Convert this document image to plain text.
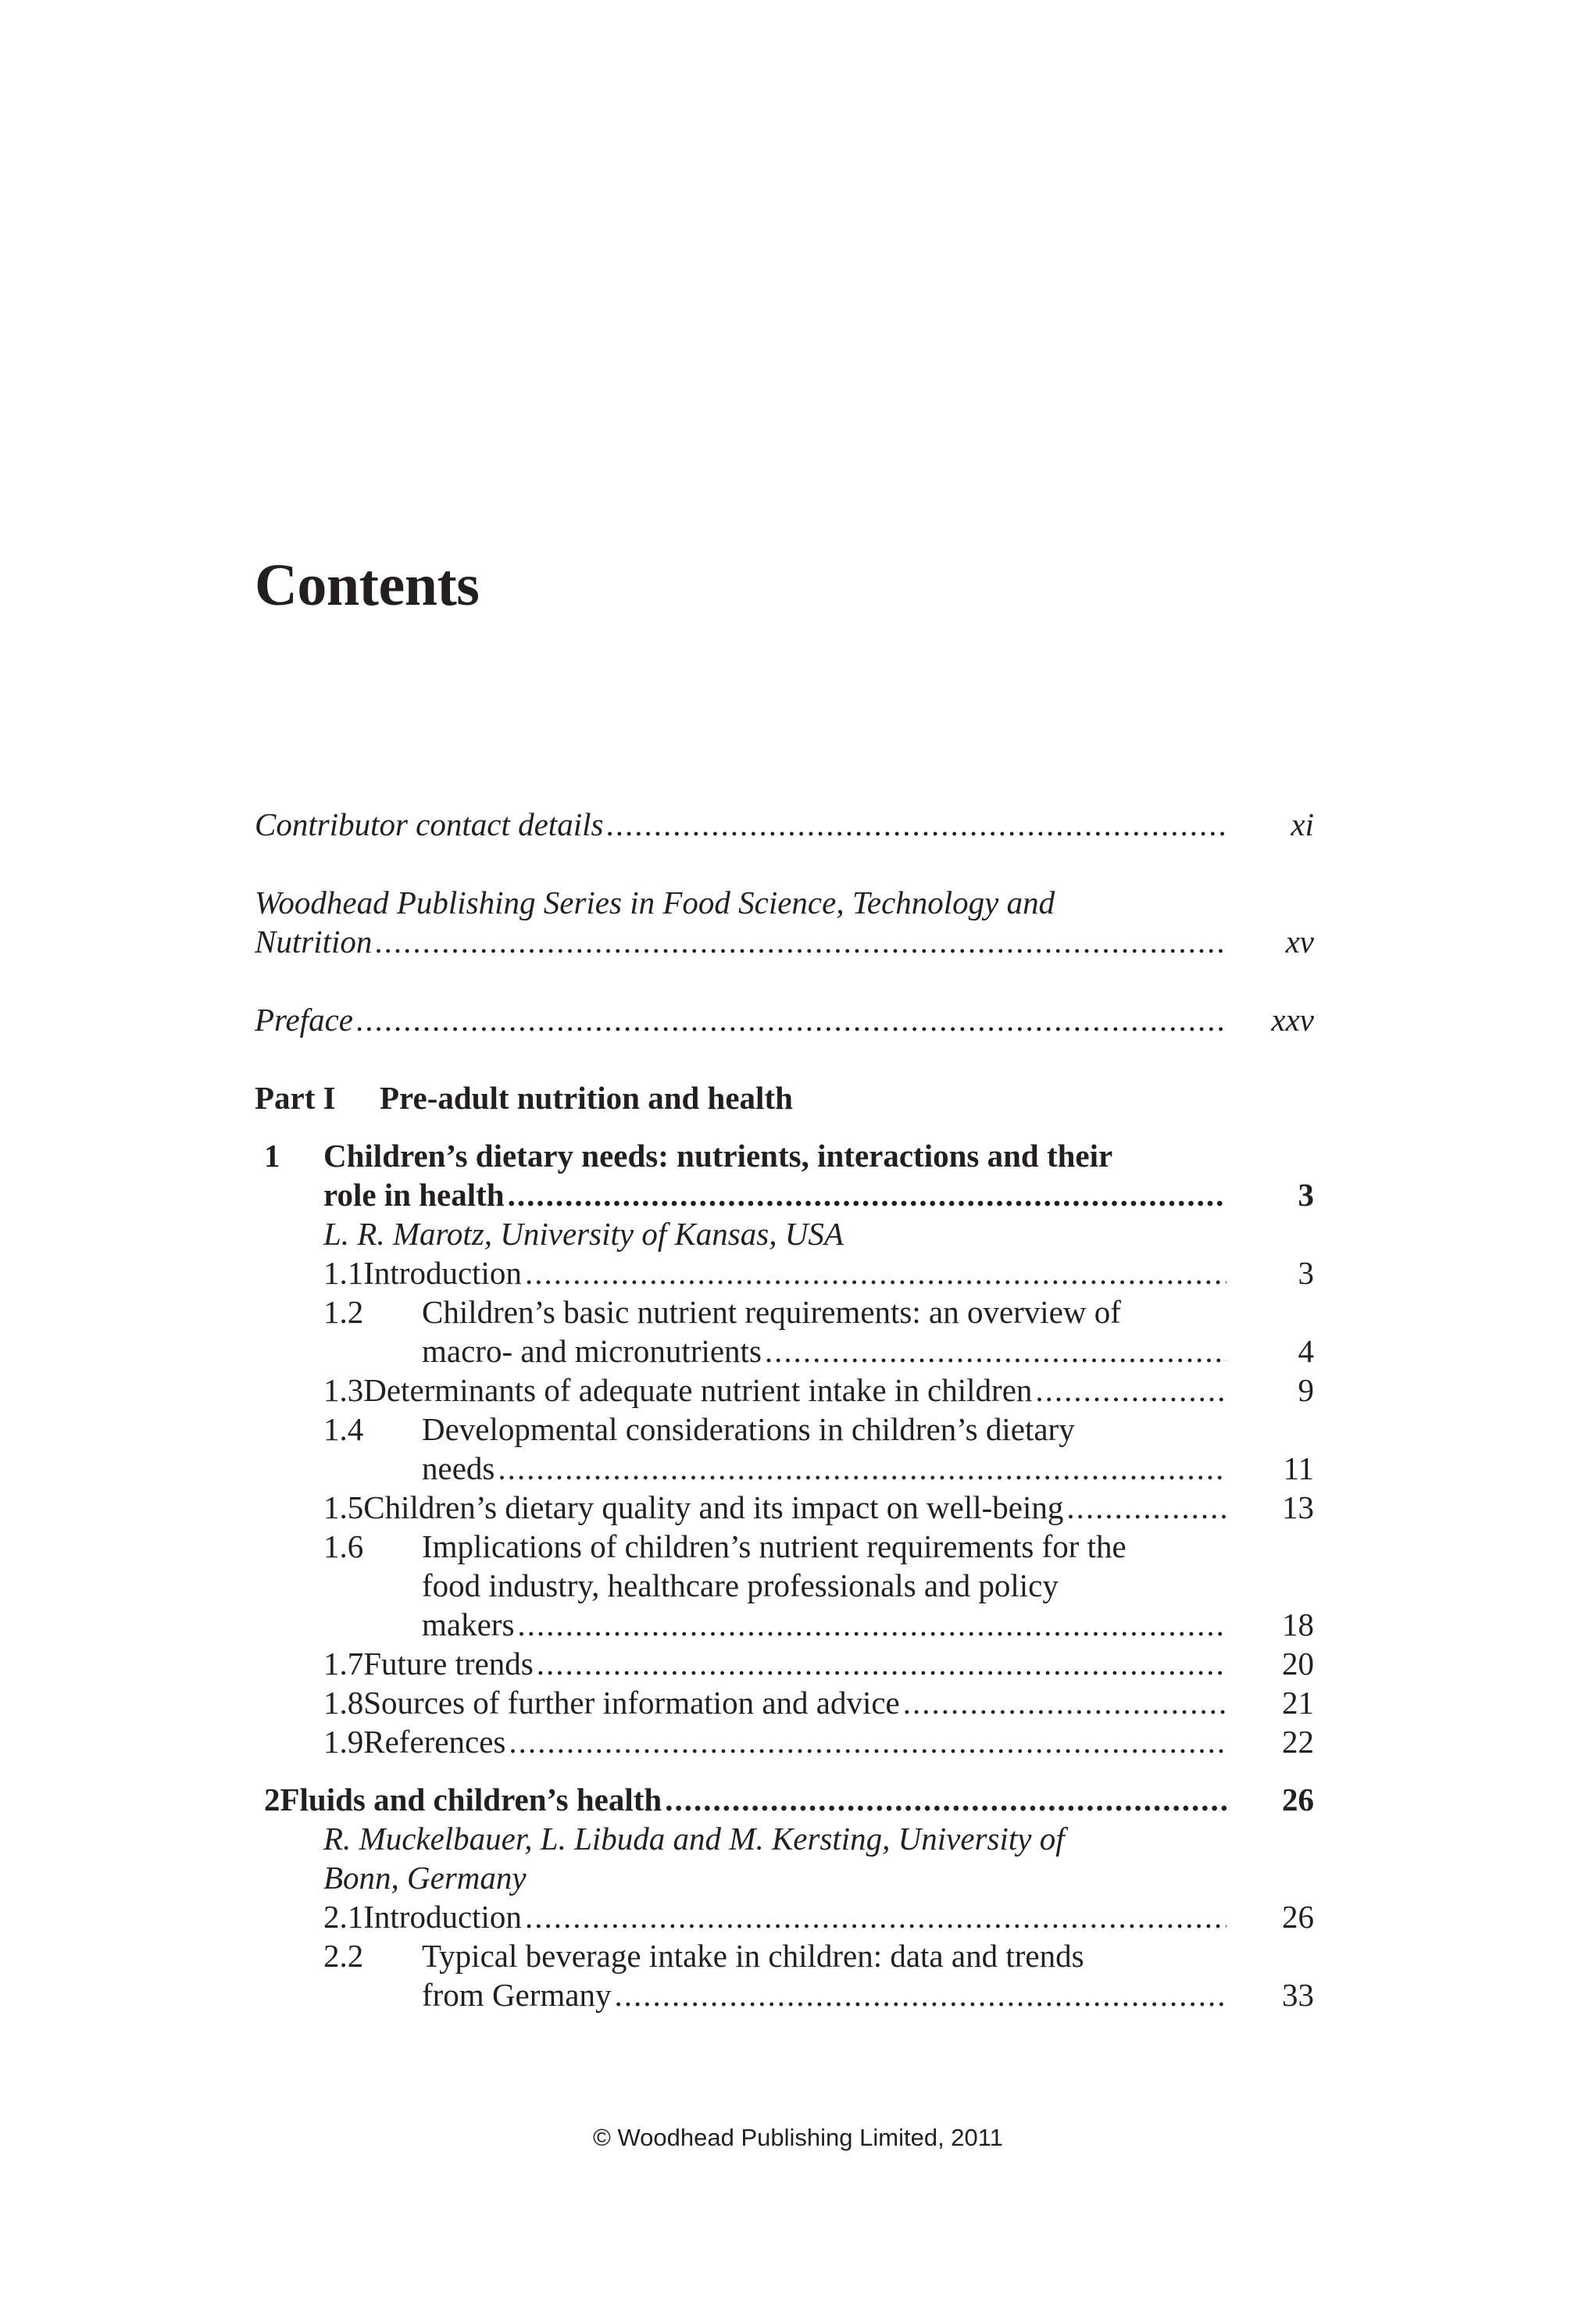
Contents
Contributor contact details .....	xi
Woodhead Publishing Series in Food Science, Technology and
Nutrition .....	xv
Preface .....	xxv
Part I	Pre-adult nutrition and health
1	Children’s dietary needs: nutrients, interactions and their
role in health .....	3
L. R. Marotz, University of Kansas, USA
1.1 Introduction .....	3
1.2	Children’s basic nutrient requirements: an overview of
macro- and micronutrients .....	4
1.3 Determinants of adequate nutrient intake in children .....	9
1.4	Developmental considerations in children’s dietary
needs .....	11
1.5 Children’s dietary quality and its impact on well-being .....	13
1.6	Implications of children’s nutrient requirements for the
food industry, healthcare professionals and policy
makers .....	18
1.7 Future trends .....	20
1.8 Sources of further information and advice .....	21
1.9 References .....	22
2 Fluids and children’s health .....	26
R. Muckelbauer, L. Libuda and M. Kersting, University of
Bonn, Germany
2.1 Introduction .....	26
2.2	Typical beverage intake in children: data and trends
from Germany .....	33
© Woodhead Publishing Limited, 2011
